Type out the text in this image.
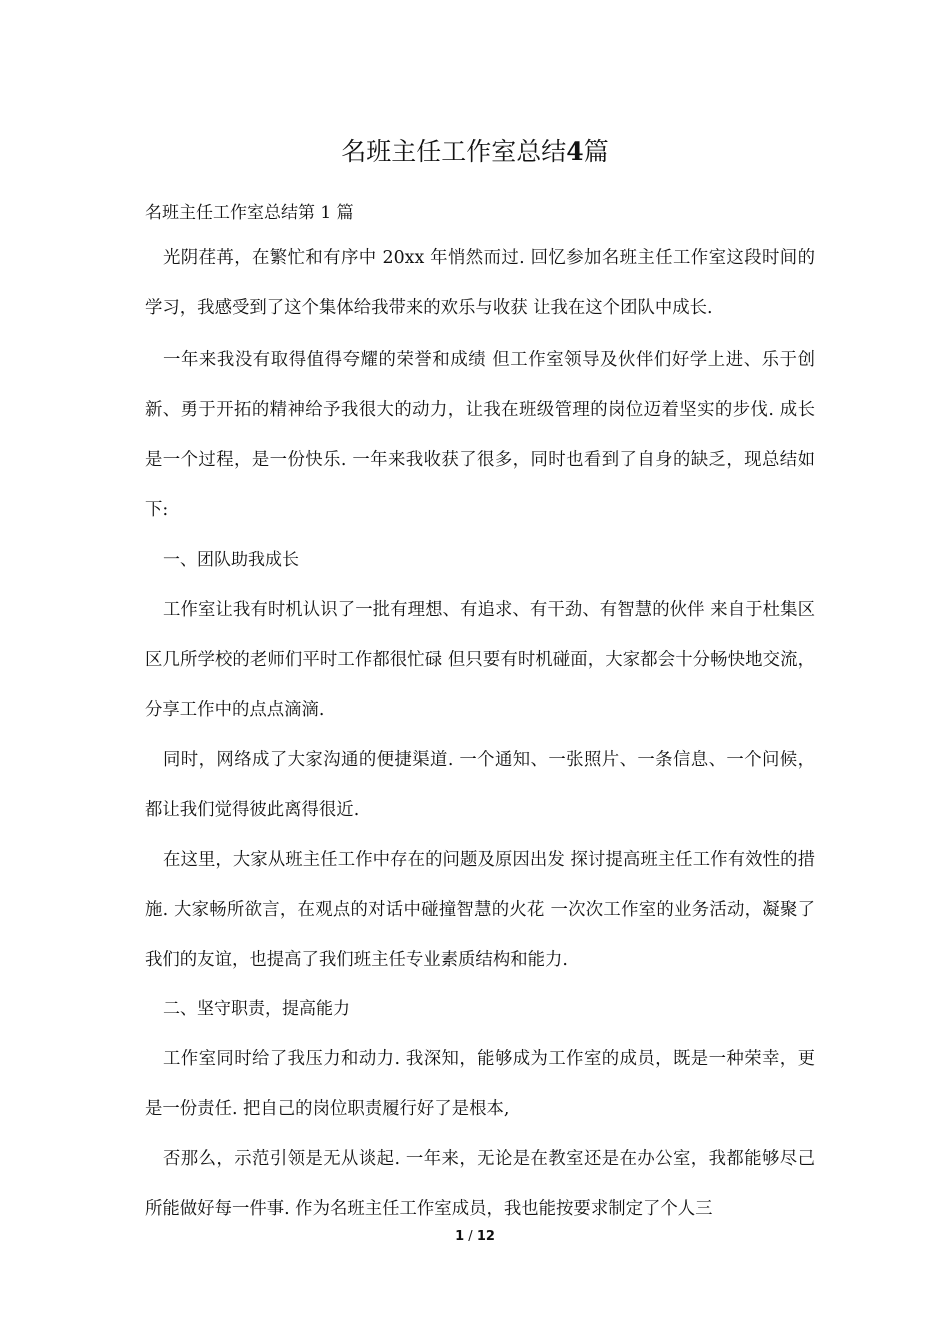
名班主任工作室总结4篇

名班主任工作室总结第 1 篇

光阴荏苒，在繁忙和有序中 20xx 年悄然而过. 回忆参加名班主任工作室这段时间的学习，我感受到了这个集体给我带来的欢乐与收获 让我在这个团队中成长.

一年来我没有取得值得夸耀的荣誉和成绩 但工作室领导及伙伴们好学上进、乐于创新、勇于开拓的精神给予我很大的动力，让我在班级管理的岗位迈着坚实的步伐. 成长是一个过程，是一份快乐. 一年来我收获了很多，同时也看到了自身的缺乏，现总结如下:

一、团队助我成长

工作室让我有时机认识了一批有理想、有追求、有干劲、有智慧的伙伴 来自于杜集区区几所学校的老师们平时工作都很忙碌 但只要有时机碰面，大家都会十分畅快地交流，分享工作中的点点滴滴.

同时，网络成了大家沟通的便捷渠道. 一个通知、一张照片、一条信息、一个问候，都让我们觉得彼此离得很近.

在这里，大家从班主任工作中存在的问题及原因出发 探讨提高班主任工作有效性的措施. 大家畅所欲言，在观点的对话中碰撞智慧的火花 一次次工作室的业务活动，凝聚了我们的友谊，也提高了我们班主任专业素质结构和能力.

二、坚守职责，提高能力

工作室同时给了我压力和动力. 我深知，能够成为工作室的成员，既是一种荣幸，更是一份责任. 把自己的岗位职责履行好了是根本,

否那么，示范引领是无从谈起. 一年来，无论是在教室还是在办公室，我都能够尽己所能做好每一件事. 作为名班主任工作室成员，我也能按要求制定了个人三

1 / 12
